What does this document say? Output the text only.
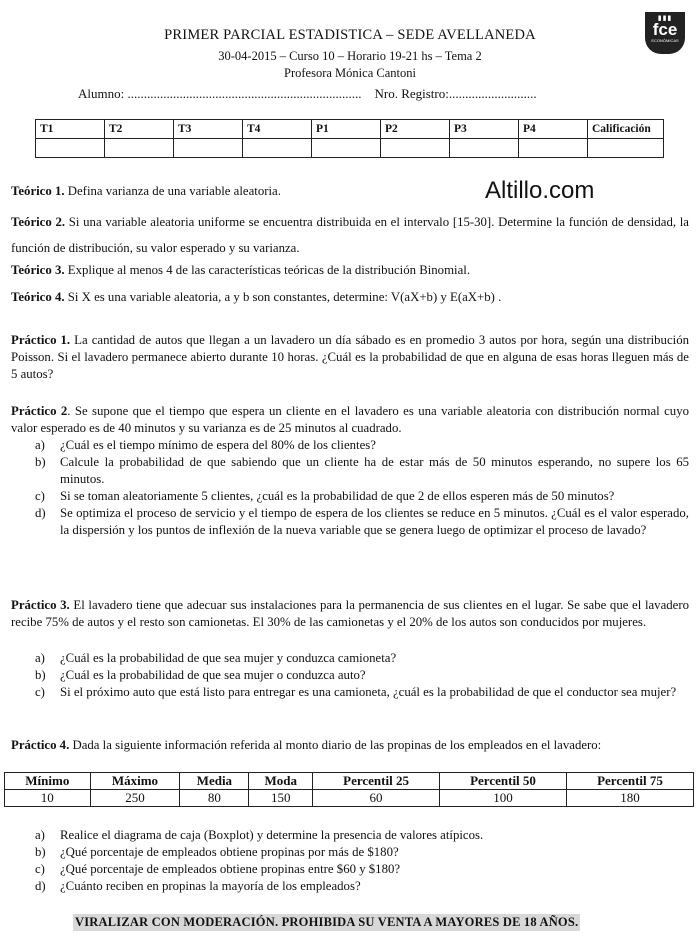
PRIMER PARCIAL ESTADISTICA – SEDE AVELLANEDA
30-04-2015 – Curso 10 – Horario 19-21 hs – Tema 2
Profesora Mónica Cantoni
Alumno: ........................................................................    Nro. Registro:...........................
▮▮▮
fce
ECONÓMICAS
T1	T2	T3	T4	P1	P2	P3	P4	Calificación

Altillo.com
Teórico 1. Defina varianza de una variable aleatoria.
Teórico 2. Si una variable aleatoria uniforme se encuentra distribuida en el intervalo [15-30]. Determine la función de densidad, la función de distribución, su valor esperado y su varianza.
Teórico 3. Explique al menos 4 de las características teóricas de la distribución Binomial.
Teórico 4. Si X es una variable aleatoria, a y b son constantes, determine: V(aX+b) y E(aX+b) .
Práctico 1. La cantidad de autos que llegan a un lavadero un día sábado es en promedio 3 autos por hora, según una distribución Poisson. Si el lavadero permanece abierto durante 10 horas. ¿Cuál es la probabilidad de que en alguna de esas horas lleguen más de 5 autos?
Práctico 2. Se supone que el tiempo que espera un cliente en el lavadero es una variable aleatoria con distribución normal cuyo valor esperado es de 40 minutos y su varianza es de 25 minutos al cuadrado.
a)	¿Cuál es el tiempo mínimo de espera del 80% de los clientes?
b)	Calcule la probabilidad de que sabiendo que un cliente ha de estar más de 50 minutos esperando, no supere los 65 minutos.
c)	Si se toman aleatoriamente 5 clientes, ¿cuál es la probabilidad de que 2 de ellos esperen más de 50 minutos?
d)	Se optimiza el proceso de servicio y el tiempo de espera de los clientes se reduce en 5 minutos. ¿Cuál es el valor esperado, la dispersión y los puntos de inflexión de la nueva variable que se genera luego de optimizar el proceso de lavado?
Práctico 3. El lavadero tiene que adecuar sus instalaciones para la permanencia de sus clientes en el lugar. Se sabe que el lavadero recibe 75% de autos y el resto son camionetas. El 30% de las camionetas y el 20% de los autos son conducidos por mujeres.
a)	¿Cuál es la probabilidad de que sea mujer y conduzca camioneta?
b)	¿Cuál es la probabilidad de que sea mujer o conduzca auto?
c)	Si el próximo auto que está listo para entregar es una camioneta, ¿cuál es la probabilidad de que el conductor sea mujer?
Práctico 4. Dada la siguiente información referida al monto diario de las propinas de los empleados en el lavadero:
Mínimo	Máximo	Media	Moda	Percentil 25	Percentil 50	Percentil 75
10	250	80	150	60	100	180
a)	Realice el diagrama de caja (Boxplot) y determine la presencia de valores atípicos.
b)	¿Qué porcentaje de empleados obtiene propinas por más de $180?
c)	¿Qué porcentaje de empleados obtiene propinas entre $60 y $180?
d)	¿Cuánto reciben en propinas la mayoría de los empleados?
VIRALIZAR CON MODERACIÓN. PROHIBIDA SU VENTA A MAYORES DE 18 AÑOS.
